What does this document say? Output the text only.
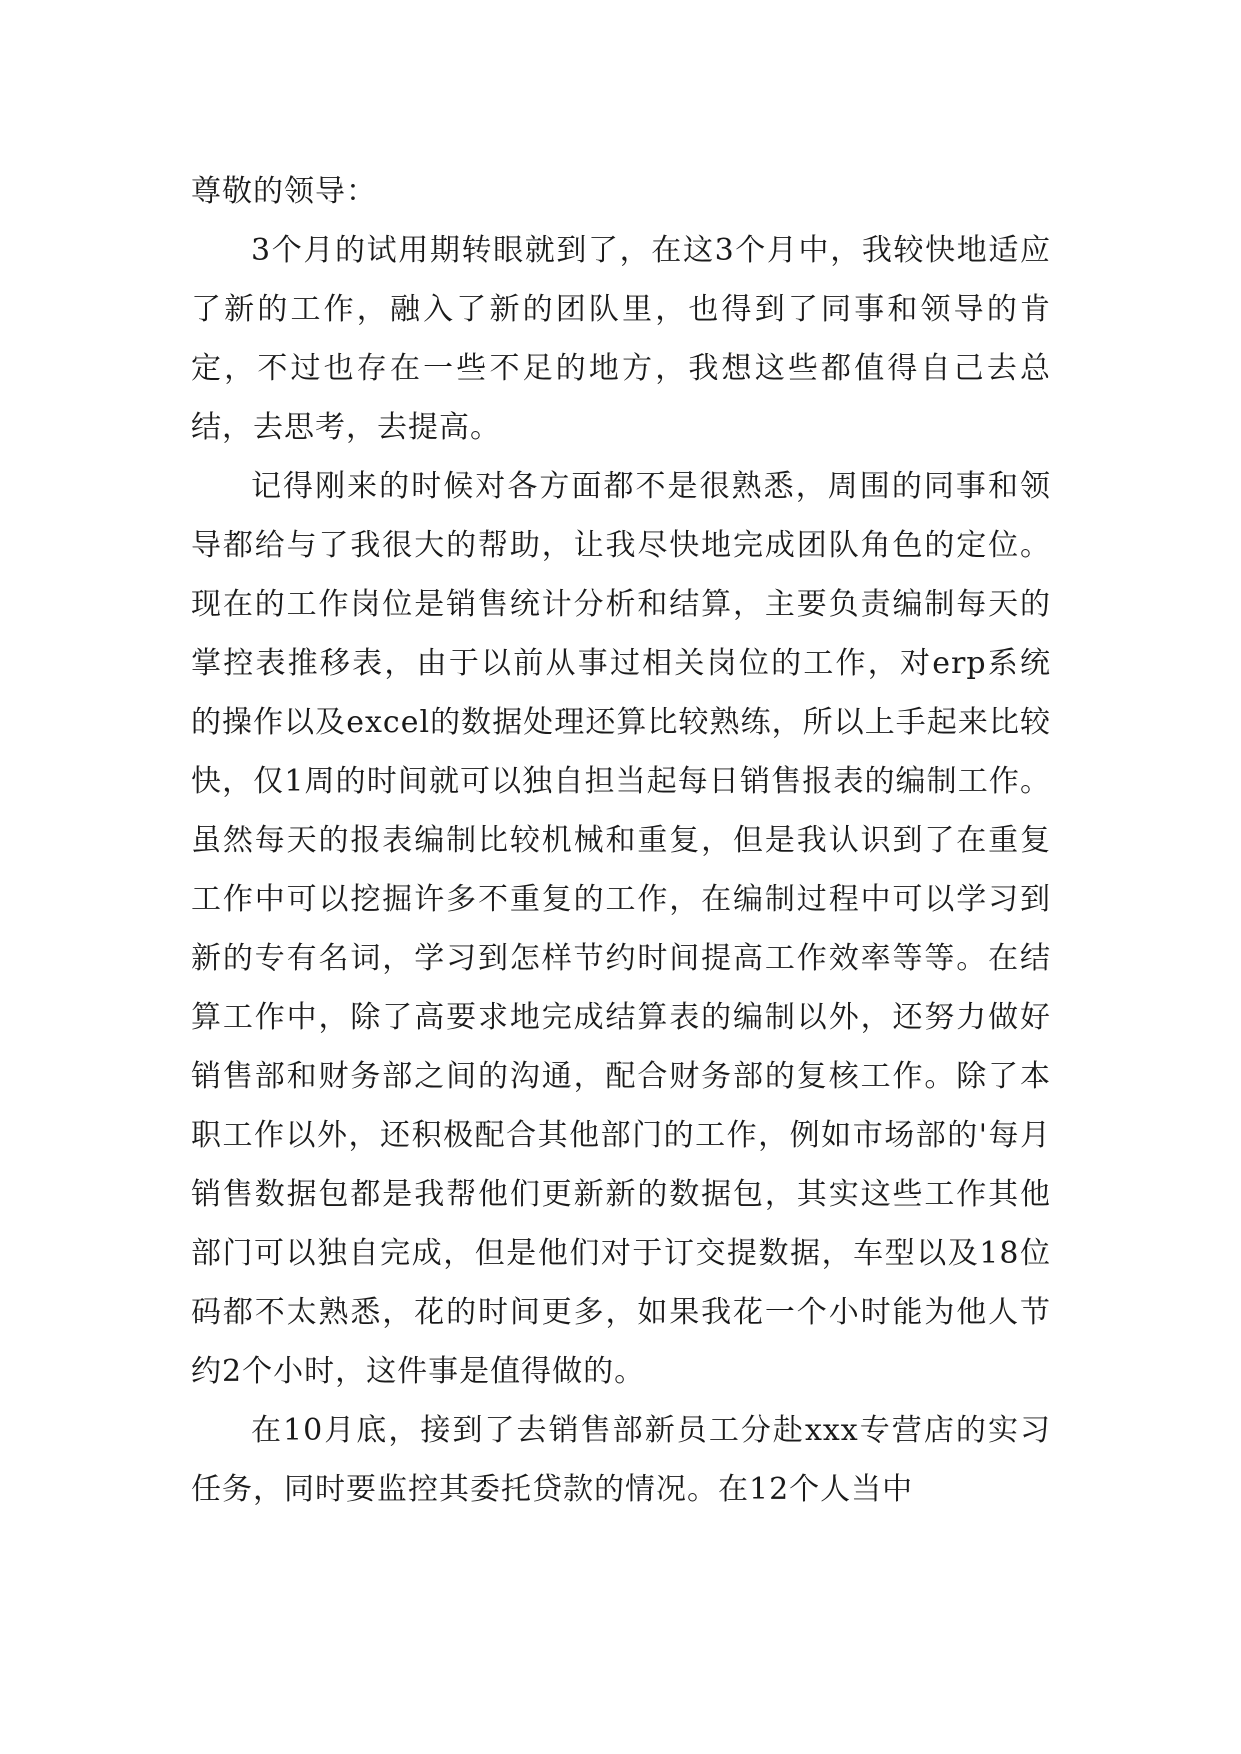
尊敬的领导：

3个月的试用期转眼就到了，在这3个月中，我较快地适应了新的工作，融入了新的团队里，也得到了同事和领导的肯定，不过也存在一些不足的地方，我想这些都值得自己去总结，去思考，去提高。

记得刚来的时候对各方面都不是很熟悉，周围的同事和领导都给与了我很大的帮助，让我尽快地完成团队角色的定位。现在的工作岗位是销售统计分析和结算，主要负责编制每天的掌控表推移表，由于以前从事过相关岗位的工作，对erp系统的操作以及excel的数据处理还算比较熟练，所以上手起来比较快，仅1周的时间就可以独自担当起每日销售报表的编制工作。虽然每天的报表编制比较机械和重复，但是我认识到了在重复工作中可以挖掘许多不重复的工作，在编制过程中可以学习到新的专有名词，学习到怎样节约时间提高工作效率等等。在结算工作中，除了高要求地完成结算表的编制以外，还努力做好销售部和财务部之间的沟通，配合财务部的复核工作。除了本职工作以外，还积极配合其他部门的工作，例如市场部的'每月销售数据包都是我帮他们更新新的数据包，其实这些工作其他部门可以独自完成，但是他们对于订交提数据，车型以及18位码都不太熟悉，花的时间更多，如果我花一个小时能为他人节约2个小时，这件事是值得做的。

在10月底，接到了去销售部新员工分赴xxx专营店的实习任务，同时要监控其委托贷款的情况。在12个人当中
